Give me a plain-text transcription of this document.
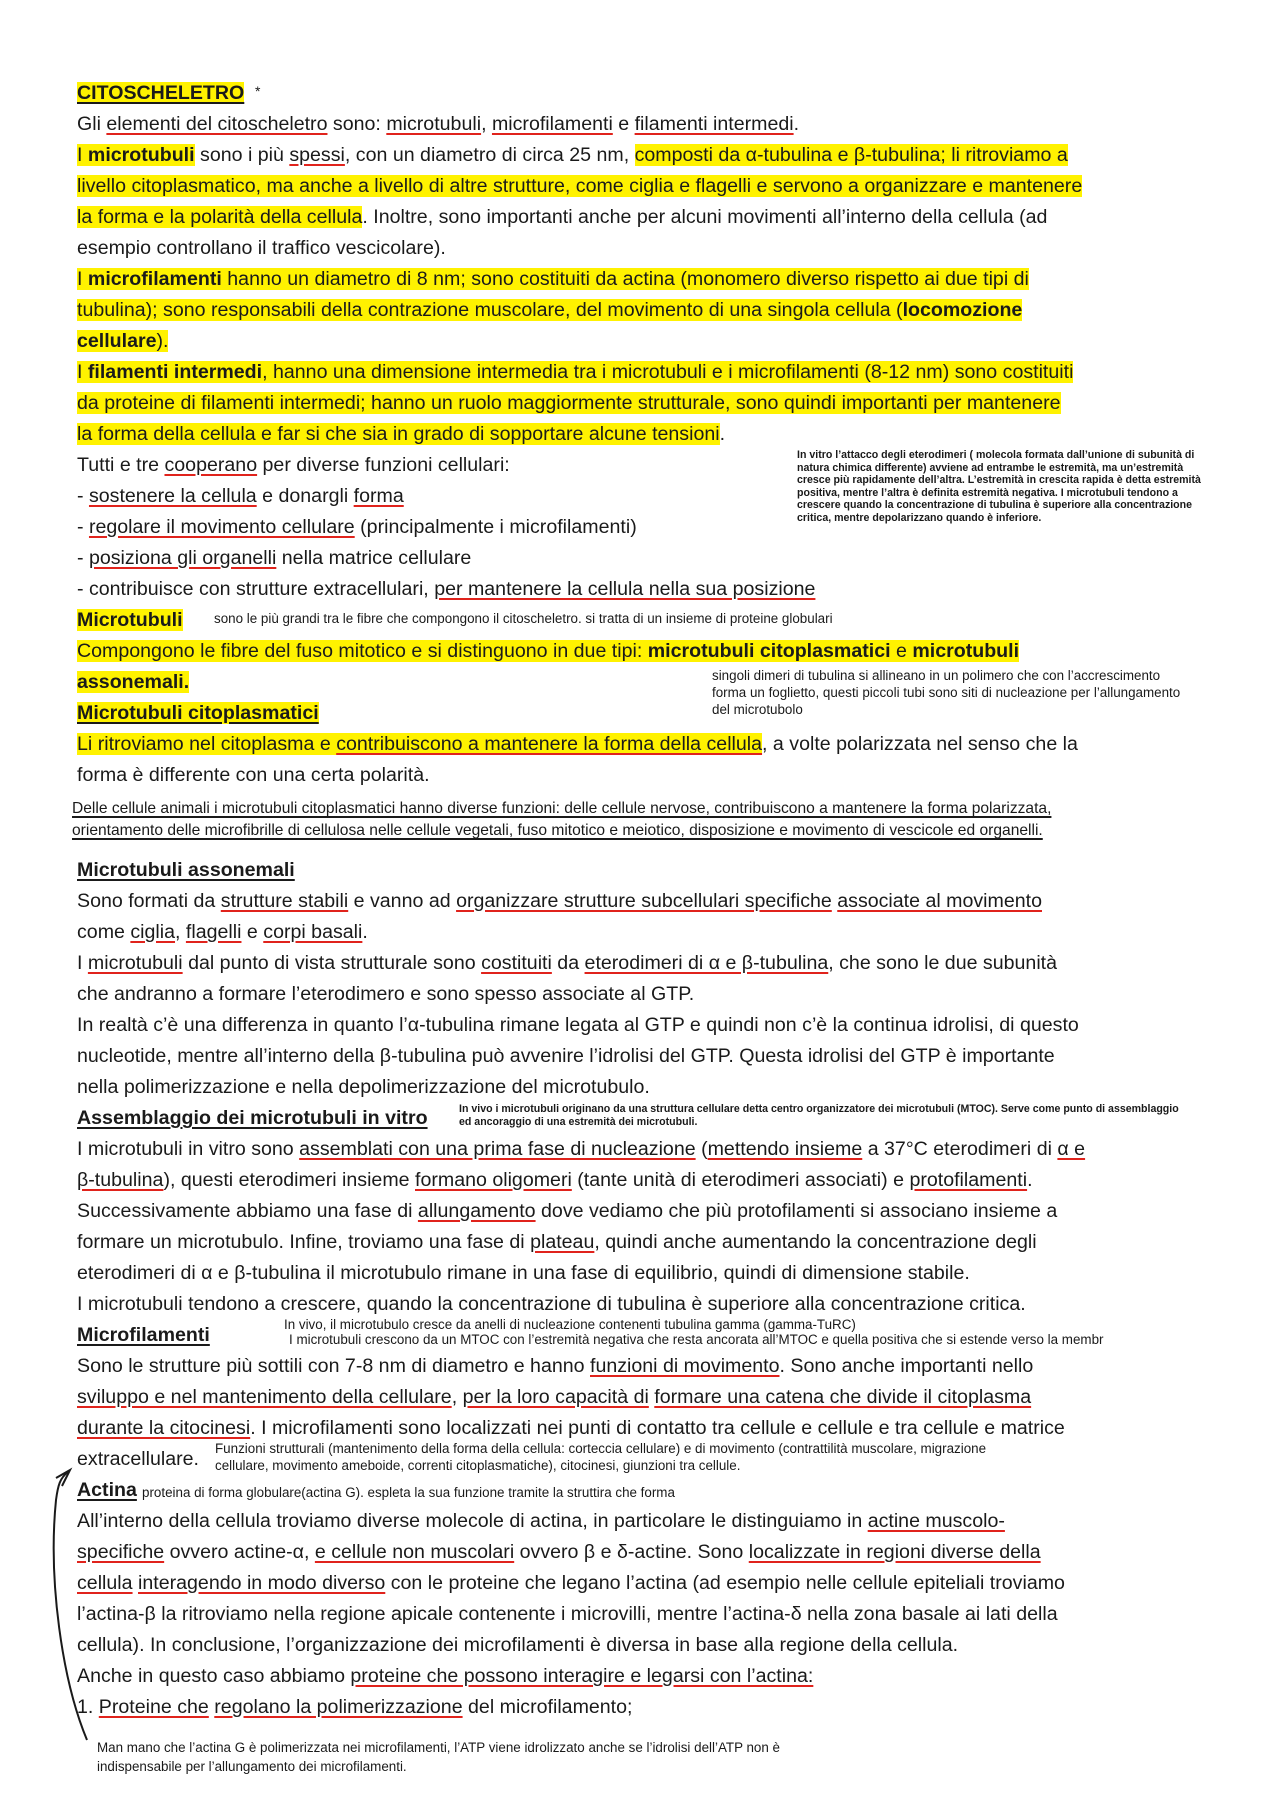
CITOSCHELETRO *
Gli elementi del citoscheletro sono: microtubuli, microfilamenti e filamenti intermedi.
I microtubuli sono i più spessi, con un diametro di circa 25 nm, composti da α-tubulina e β-tubulina; li ritroviamo a
livello citoplasmatico, ma anche a livello di altre strutture, come ciglia e flagelli e servono a organizzare e mantenere
la forma e la polarità della cellula. Inoltre, sono importanti anche per alcuni movimenti all’interno della cellula (ad
esempio controllano il traffico vescicolare).
I microfilamenti hanno un diametro di 8 nm; sono costituiti da actina (monomero diverso rispetto ai due tipi di
tubulina); sono responsabili della contrazione muscolare, del movimento di una singola cellula (locomozione
cellulare).
I filamenti intermedi, hanno una dimensione intermedia tra i microtubuli e i microfilamenti (8-12 nm) sono costituiti
da proteine di filamenti intermedi; hanno un ruolo maggiormente strutturale, sono quindi importanti per mantenere
la forma della cellula e far si che sia in grado di sopportare alcune tensioni.
Tutti e tre cooperano per diverse funzioni cellulari:
- sostenere la cellula e donargli forma
- regolare il movimento cellulare (principalmente i microfilamenti)
- posiziona gli organelli nella matrice cellulare
- contribuisce con strutture extracellulari, per mantenere la cellula nella sua posizione
In vitro l’attacco degli eterodimeri ( molecola formata dall’unione di subunità di natura chimica differente) avviene ad entrambe le estremità, ma un’estremità cresce più rapidamente dell’altra. L’estremità in crescita rapida è detta estremità positiva, mentre l’altra è definita estremità negativa. I microtubuli tendono a crescere quando la concentrazione di tubulina è superiore alla concentrazione critica, mentre depolarizzano quando è inferiore.
Microtubuli sono le più grandi tra le fibre che compongono il citoscheletro. si tratta di un insieme di proteine globulari
Compongono le fibre del fuso mitotico e si distinguono in due tipi: microtubuli citoplasmatici e microtubuli
assonemali.	singoli dimeri di tubulina si allineano in un polimero che con l’accrescimento forma un foglietto, questi piccoli tubi sono siti di nucleazione per l’allungamento del microtubolo
Microtubuli citoplasmatici
Li ritroviamo nel citoplasma e contribuiscono a mantenere la forma della cellula, a volte polarizzata nel senso che la
forma è differente con una certa polarità.
Delle cellule animali i microtubuli citoplasmatici hanno diverse funzioni: delle cellule nervose, contribuiscono a mantenere la forma polarizzata,
orientamento delle microfibrille di cellulosa nelle cellule vegetali, fuso mitotico e meiotico, disposizione e movimento di vescicole ed organelli.
Microtubuli assonemali
Sono formati da strutture stabili e vanno ad organizzare strutture subcellulari specifiche associate al movimento
come ciglia, flagelli e corpi basali.
I microtubuli dal punto di vista strutturale sono costituiti da eterodimeri di α e β-tubulina, che sono le due subunità
che andranno a formare l’eterodimero e sono spesso associate al GTP.
In realtà c’è una differenza in quanto l’α-tubulina rimane legata al GTP e quindi non c’è la continua idrolisi, di questo
nucleotide, mentre all’interno della β-tubulina può avvenire l’idrolisi del GTP. Questa idrolisi del GTP è importante
nella polimerizzazione e nella depolimerizzazione del microtubulo.
Assemblaggio dei microtubuli in vitro	In vivo i microtubuli originano da una struttura cellulare detta centro organizzatore dei microtubuli (MTOC). Serve come punto di assemblaggio ed ancoraggio di una estremità dei microtubuli.
I microtubuli in vitro sono assemblati con una prima fase di nucleazione (mettendo insieme a 37°C eterodimeri di α e
β-tubulina), questi eterodimeri insieme formano oligomeri (tante unità di eterodimeri associati) e protofilamenti.
Successivamente abbiamo una fase di allungamento dove vediamo che più protofilamenti si associano insieme a
formare un microtubulo. Infine, troviamo una fase di plateau, quindi anche aumentando la concentrazione degli
eterodimeri di α e β-tubulina il microtubulo rimane in una fase di equilibrio, quindi di dimensione stabile.
I microtubuli tendono a crescere, quando la concentrazione di tubulina è superiore alla concentrazione critica.
Microfilamenti	In vivo, il microtubulo cresce da anelli di nucleazione contenenti tubulina gamma (gamma-TuRC)
I microtubuli crescono da un MTOC con l’estremità negativa che resta ancorata all’MTOC e quella positiva che si estende verso la membr
Sono le strutture più sottili con 7-8 nm di diametro e hanno funzioni di movimento. Sono anche importanti nello
sviluppo e nel mantenimento della cellulare, per la loro capacità di formare una catena che divide il citoplasma
durante la citocinesi. I microfilamenti sono localizzati nei punti di contatto tra cellule e cellule e tra cellule e matrice
extracellulare. Funzioni strutturali (mantenimento della forma della cellula: corteccia cellulare) e di movimento (contrattilità muscolare, migrazione
cellulare, movimento ameboide, correnti citoplasmatiche), citocinesi, giunzioni tra cellule.
Actina proteina di forma globulare(actina G). espleta la sua funzione tramite la struttira che forma
All’interno della cellula troviamo diverse molecole di actina, in particolare le distinguiamo in actine muscolo-
specifiche ovvero actine-α, e cellule non muscolari ovvero β e δ-actine. Sono localizzate in regioni diverse della
cellula interagendo in modo diverso con le proteine che legano l’actina (ad esempio nelle cellule epiteliali troviamo
l’actina-β la ritroviamo nella regione apicale contenente i microvilli, mentre l’actina-δ nella zona basale ai lati della
cellula). In conclusione, l’organizzazione dei microfilamenti è diversa in base alla regione della cellula.
Anche in questo caso abbiamo proteine che possono interagire e legarsi con l’actina:
1. Proteine che regolano la polimerizzazione del microfilamento;
Man mano che l’actina G è polimerizzata nei microfilamenti, l’ATP viene idrolizzato anche se l’idrolisi dell’ATP non è
indispensabile per l’allungamento dei microfilamenti.
